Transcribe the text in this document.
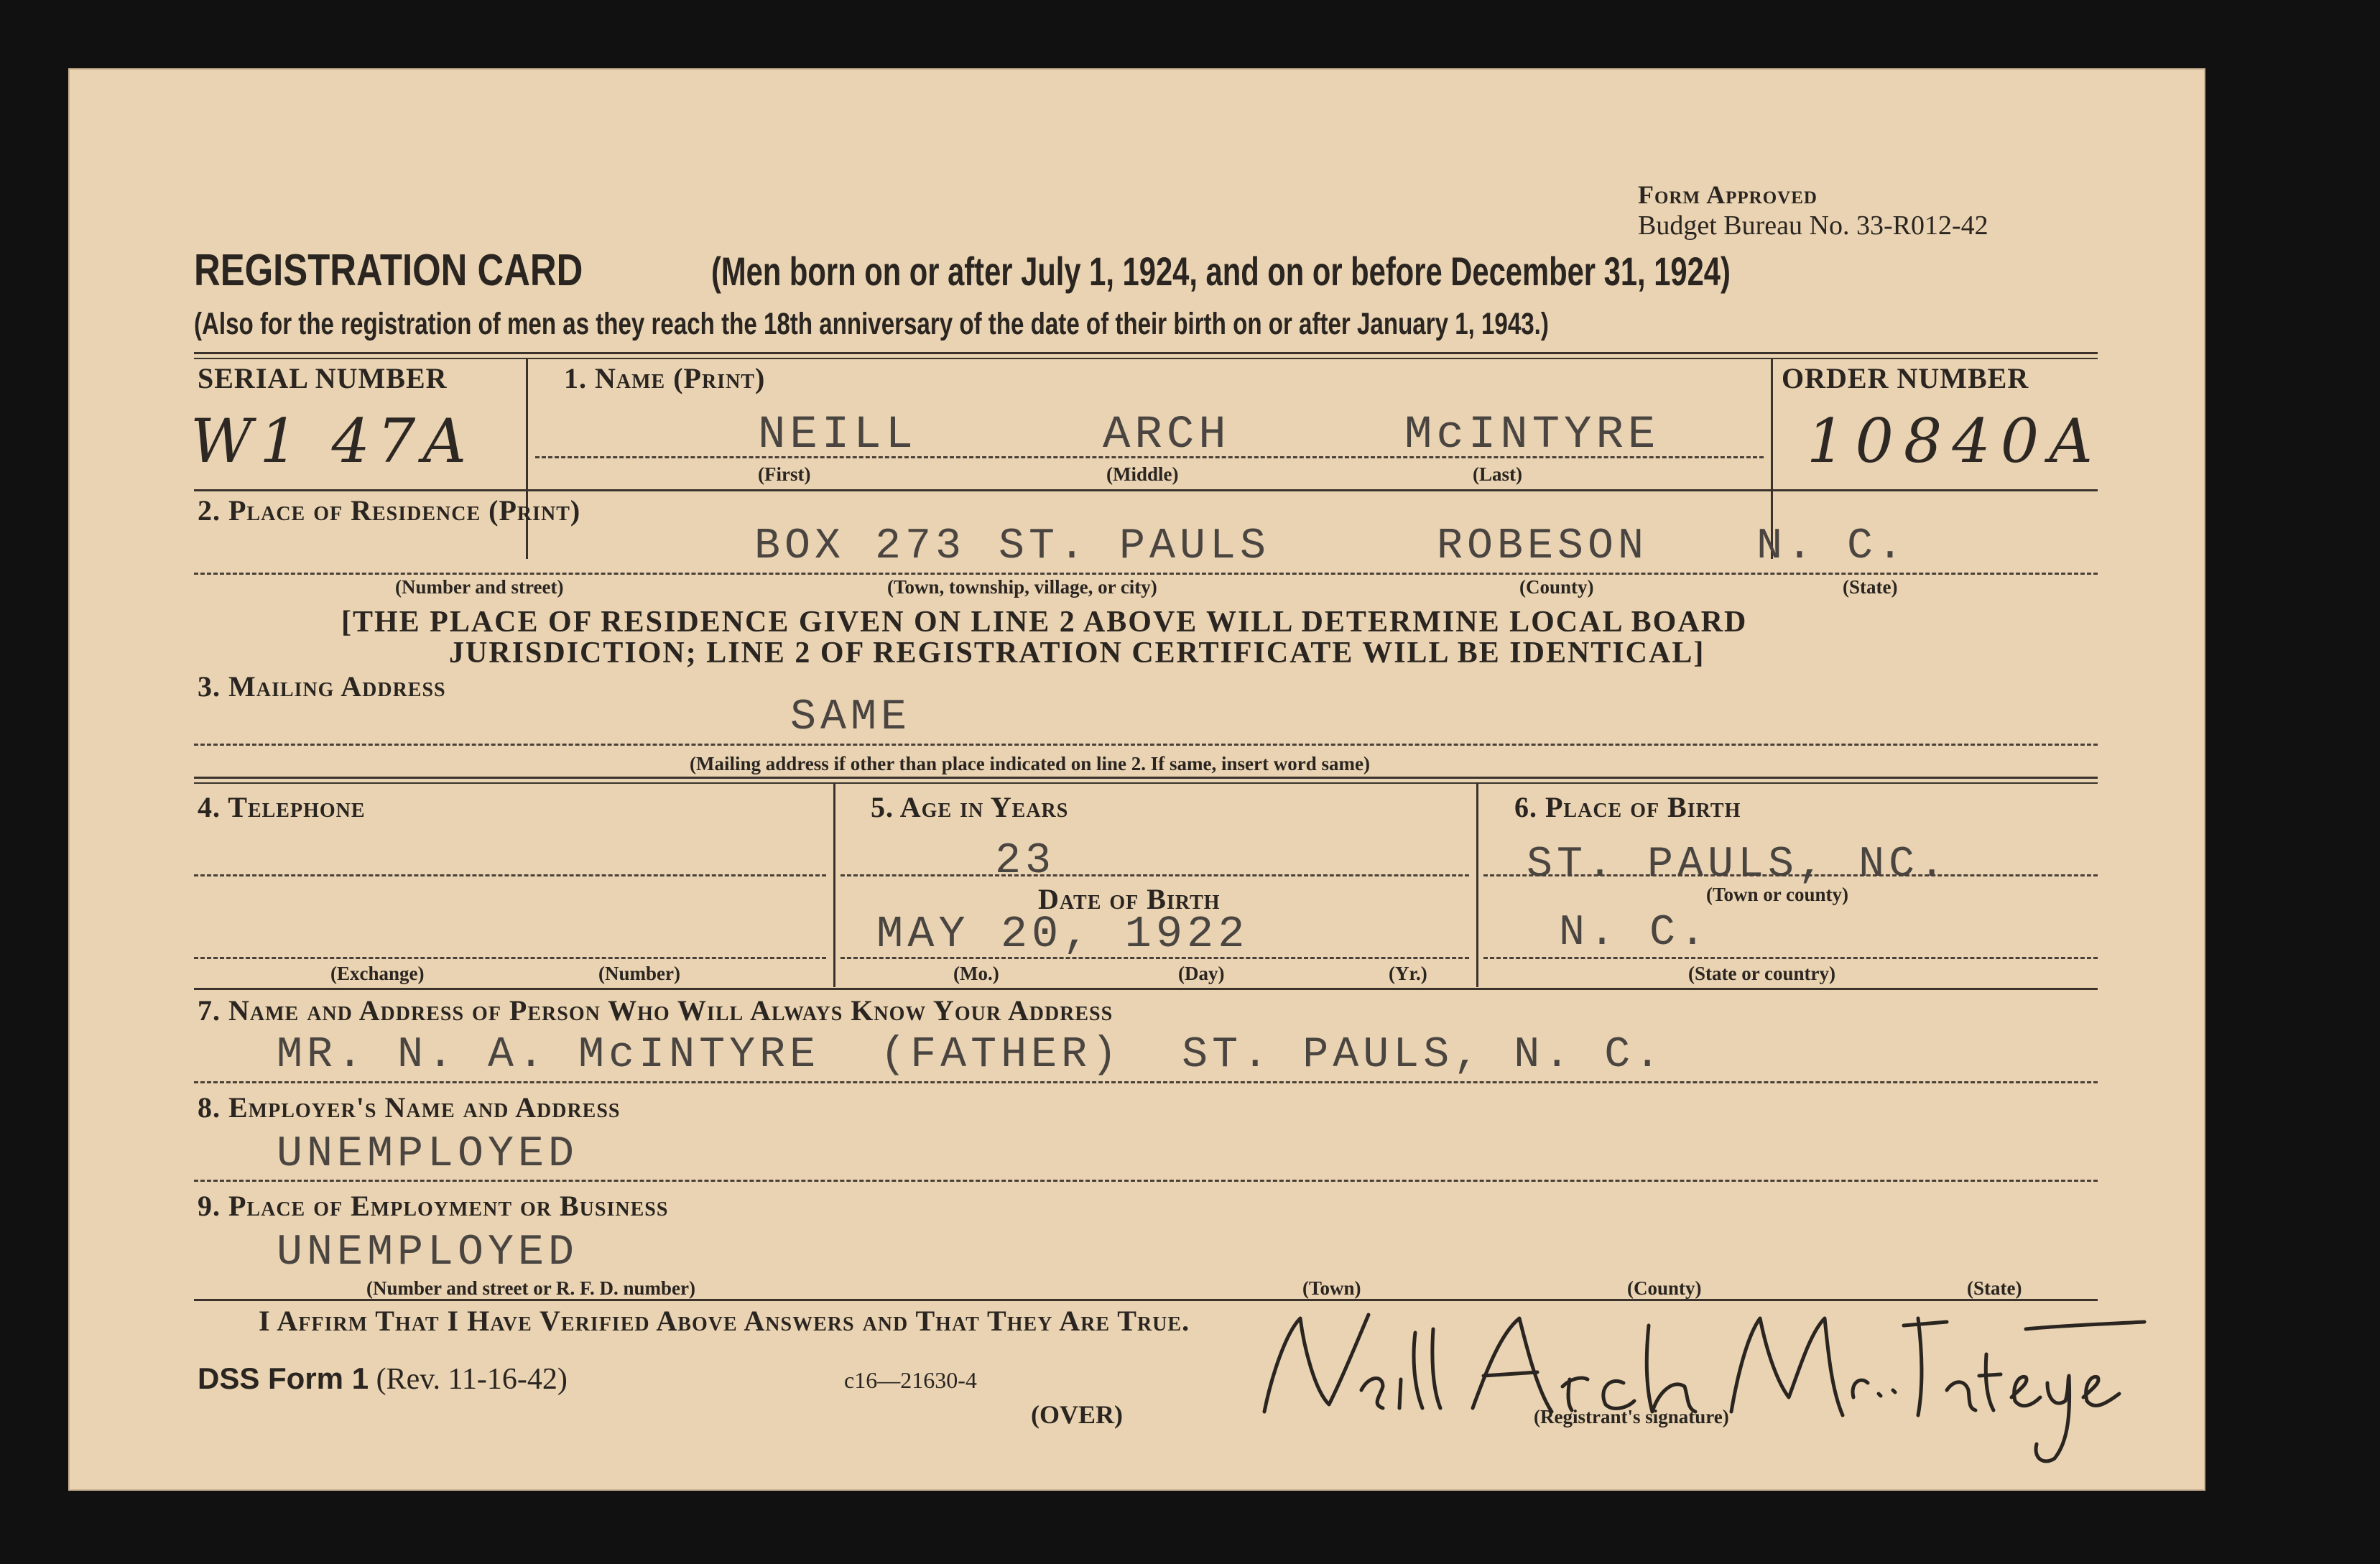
Form Approved
Budget Bureau No. 33-R012-42
REGISTRATION CARD	(Men born on or after July 1, 1924, and on or before December 31, 1924)
(Also for the registration of men as they reach the 18th anniversary of the date of their birth on or after January 1, 1943.)
SERIAL NUMBER
W1 47A
1. Name (Print)
NEILL	ARCH	McINTYRE
(First)	(Middle)	(Last)
ORDER NUMBER
10840A
2. Place of Residence (Print)
BOX 273 ST. PAULS	ROBESON	N. C.
(Number and street)	(Town, township, village, or city)	(County)	(State)
[THE PLACE OF RESIDENCE GIVEN ON LINE 2 ABOVE WILL DETERMINE LOCAL BOARD
JURISDICTION; LINE 2 OF REGISTRATION CERTIFICATE WILL BE IDENTICAL]
3. Mailing Address
SAME
(Mailing address if other than place indicated on line 2. If same, insert word same)
4. Telephone
(Exchange)	(Number)
5. Age in Years
23
Date of Birth
MAY 20, 1922
(Mo.)	(Day)	(Yr.)
6. Place of Birth
ST. PAULS, NC.
(Town or county)
N. C.
(State or country)
7. Name and Address of Person Who Will Always Know Your Address
MR. N. A. McINTYRE  (FATHER)  ST. PAULS, N. C.
8. Employer's Name and Address
UNEMPLOYED
9. Place of Employment or Business
UNEMPLOYED
(Number and street or R. F. D. number)	(Town)	(County)	(State)
I Affirm That I Have Verified Above Answers and That They Are True.
DSS Form 1 (Rev. 11-16-42)	c16—21630-4
(OVER)	(Registrant's signature)
